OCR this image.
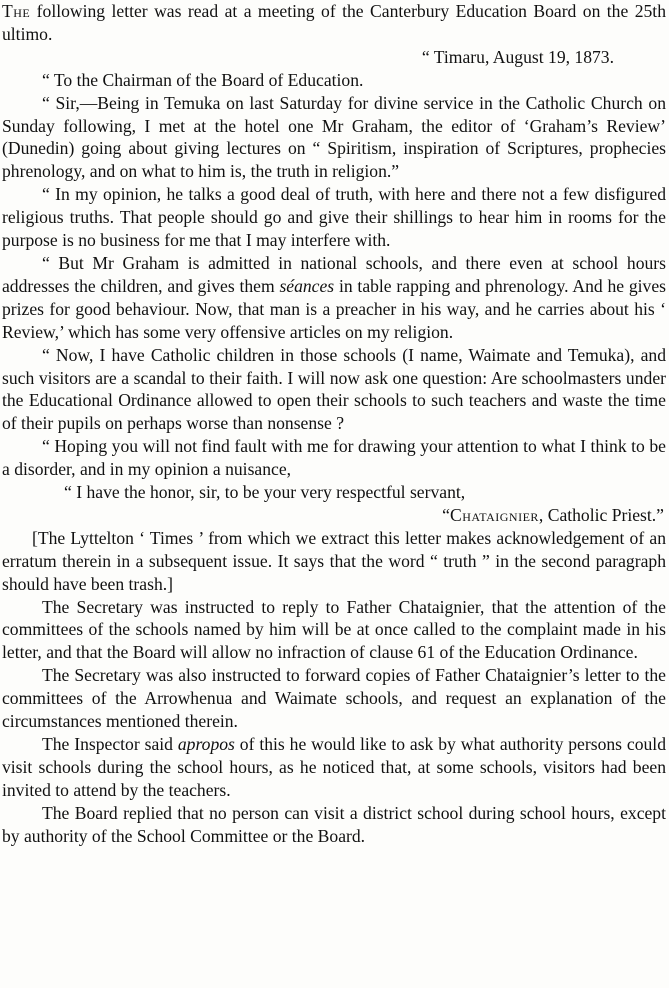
The following letter was read at a meeting of the Canterbury Education Board on the 25th ultimo.

“ Timaru, August 19, 1873.

“ To the Chairman of the Board of Education.

“ Sir,—Being in Temuka on last Saturday for divine service in the Catholic Church on Sunday following, I met at the hotel one Mr Graham, the editor of ‘Graham’s Review’ (Dunedin) going about giving lectures on “ Spiritism, inspiration of Scriptures, prophecies phrenology, and on what to him is, the truth in religion.”

“ In my opinion, he talks a good deal of truth, with here and there not a few disfigured religious truths. That people should go and give their shillings to hear him in rooms for the purpose is no business for me that I may interfere with.

“ But Mr Graham is admitted in national schools, and there even at school hours addresses the children, and gives them séances in table rapping and phrenology. And he gives prizes for good behaviour. Now, that man is a preacher in his way, and he carries about his ‘ Review,’ which has some very offensive articles on my religion.

“ Now, I have Catholic children in those schools (I name, Waimate and Temuka), and such visitors are a scandal to their faith. I will now ask one question: Are schoolmasters under the Educational Ordinance allowed to open their schools to such teachers and waste the time of their pupils on perhaps worse than nonsense ?

“ Hoping you will not find fault with me for drawing your attention to what I think to be a disorder, and in my opinion a nuisance,

“ I have the honor, sir, to be your very respectful servant,

“Chataignier, Catholic Priest.”

[The Lyttelton ‘ Times ’ from which we extract this letter makes acknowledgement of an erratum therein in a subsequent issue. It says that the word “ truth ” in the second paragraph should have been trash.]

The Secretary was instructed to reply to Father Chataignier, that the attention of the committees of the schools named by him will be at once called to the complaint made in his letter, and that the Board will allow no infraction of clause 61 of the Education Ordinance.

The Secretary was also instructed to forward copies of Father Chataignier’s letter to the committees of the Arrowhenua and Waimate schools, and request an explanation of the circumstances mentioned therein.

The Inspector said apropos of this he would like to ask by what authority persons could visit schools during the school hours, as he noticed that, at some schools, visitors had been invited to attend by the teachers.

The Board replied that no person can visit a district school during school hours, except by authority of the School Committee or the Board.
